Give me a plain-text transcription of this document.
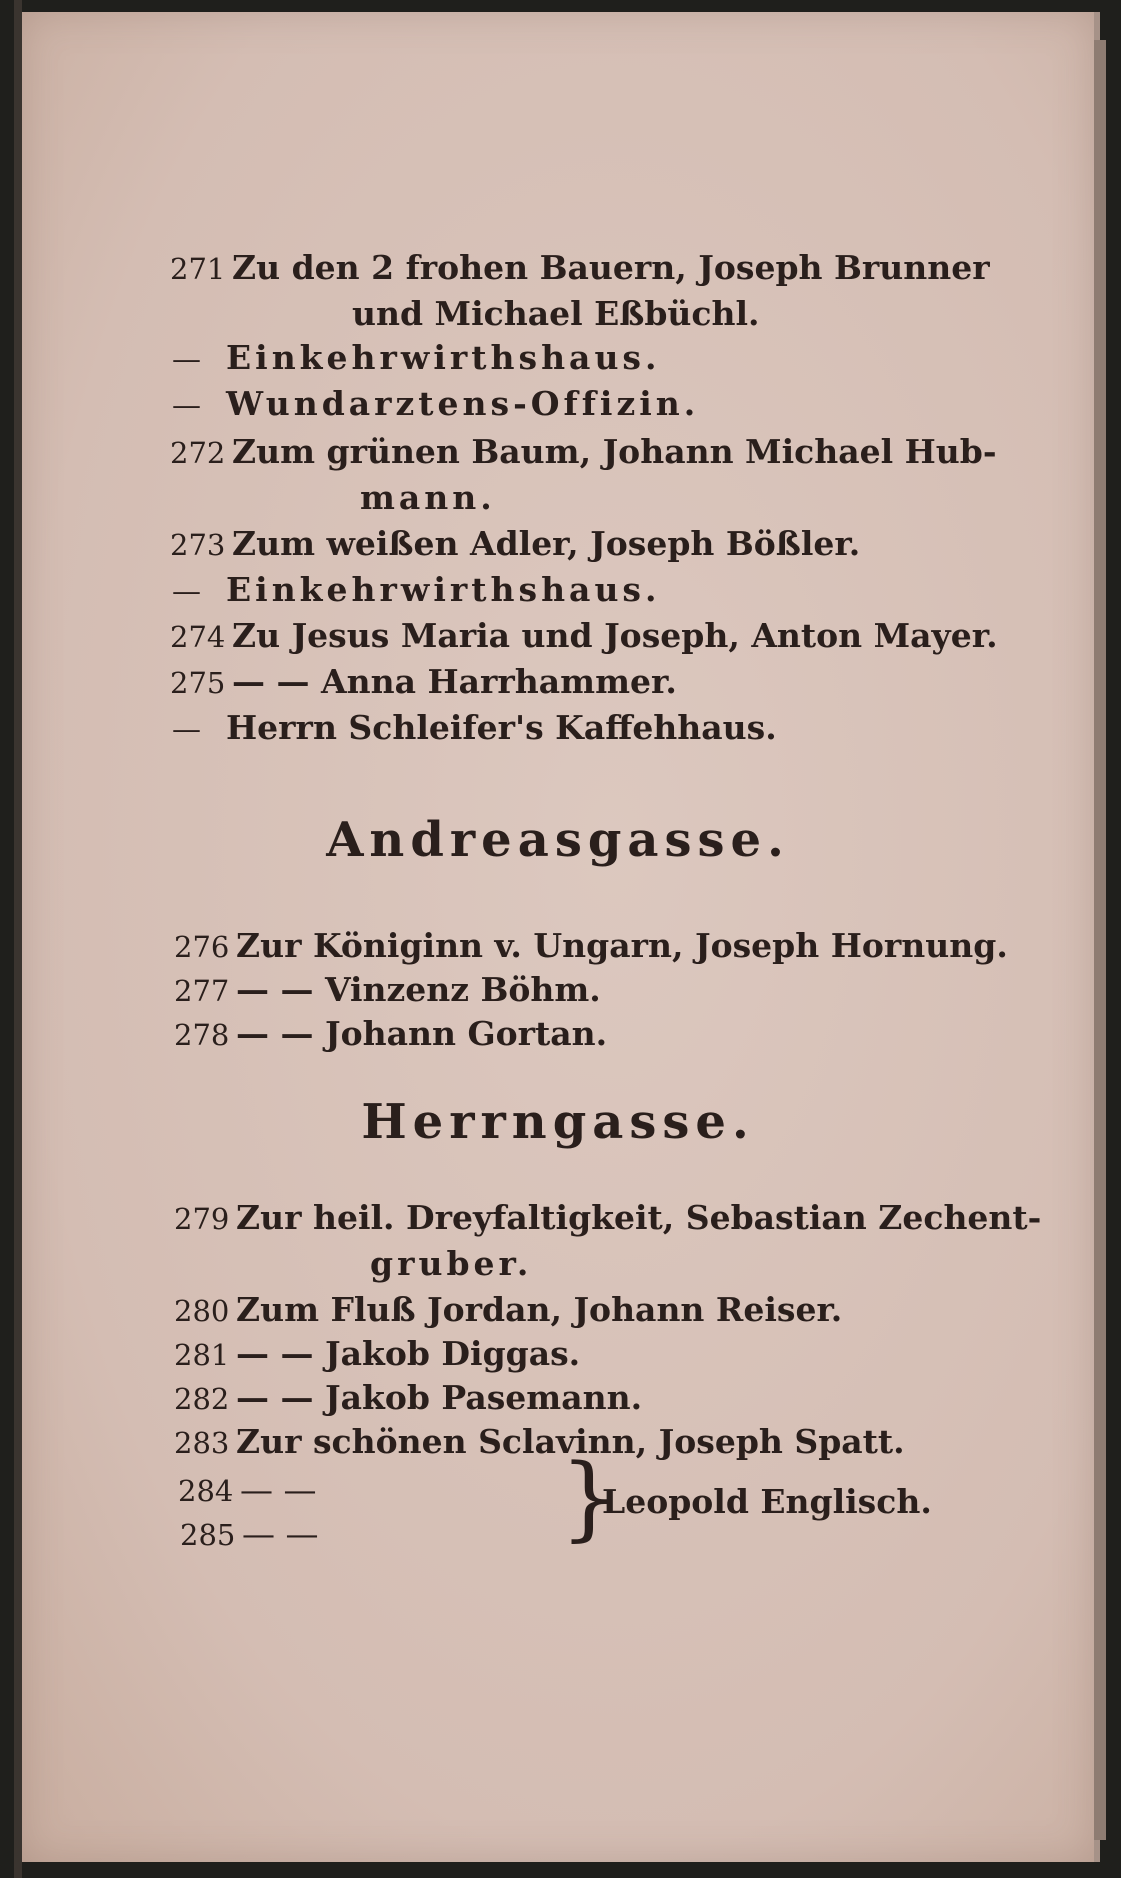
271 Zu den 2 frohen Bauern, Joseph Brunner
und Michael Eßbüchl.
— Einkehrwirthshaus.
— Wundarztens-Offizin.
272 Zum grünen Baum, Johann Michael Hub-
mann.
273 Zum weißen Adler, Joseph Bößler.
— Einkehrwirthshaus.
274 Zu Jesus Maria und Joseph, Anton Mayer.
275 — — Anna Harrhammer.
— Herrn Schleifer's Kaffehhaus.
Andreasgasse.
276 Zur Königinn v. Ungarn, Joseph Hornung.
277 — — Vinzenz Böhm.
278 — — Johann Gortan.
Herrngasse.
279 Zur heil. Dreyfaltigkeit, Sebastian Zechent-
gruber.
280 Zum Fluß Jordan, Johann Reiser.
281 — — Jakob Diggas.
282 — — Jakob Pasemann.
283 Zur schönen Sclavinn, Joseph Spatt.
284 — —
285 — —	}
Leopold Englisch.
